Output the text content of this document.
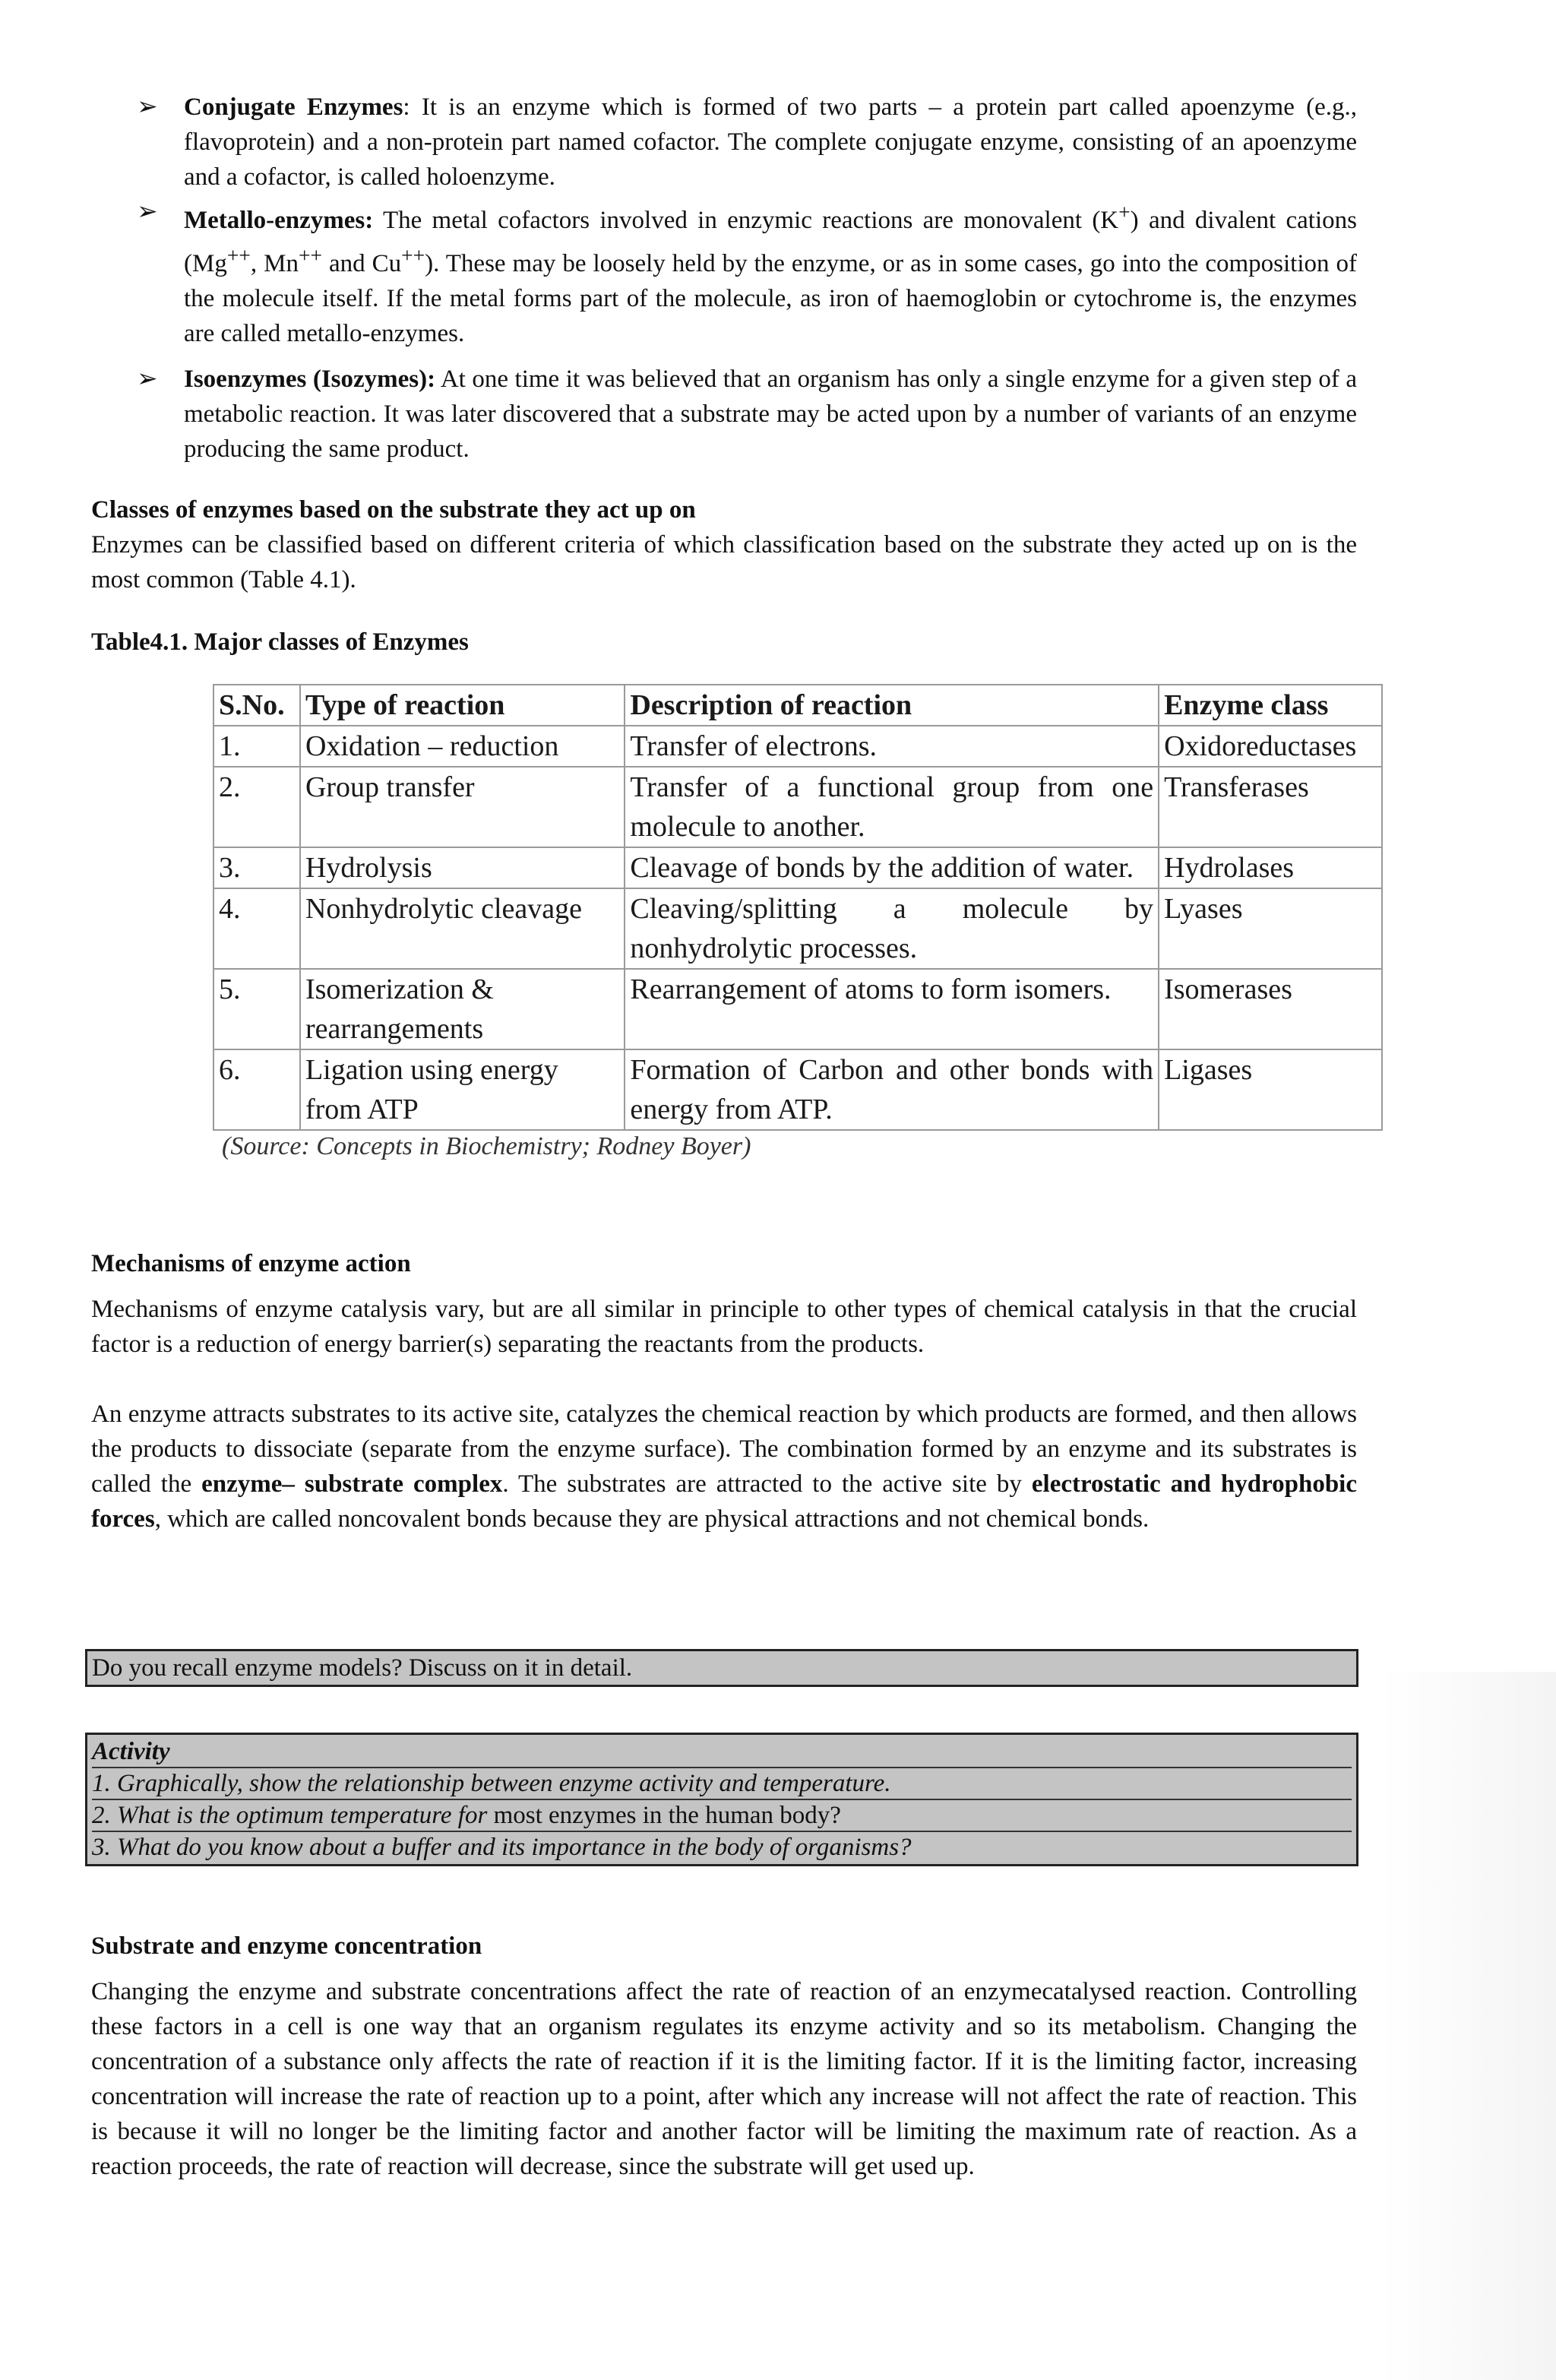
➢	Conjugate Enzymes: It is an enzyme which is formed of two parts – a protein part called apoenzyme (e.g., flavoprotein) and a non-protein part named cofactor. The complete conjugate enzyme, consisting of an apoenzyme and a cofactor, is called holoenzyme.
➢	Metallo-enzymes: The metal cofactors involved in enzymic reactions are monovalent (K+) and divalent cations (Mg++, Mn++ and Cu++). These may be loosely held by the enzyme, or as in some cases, go into the composition of the molecule itself. If the metal forms part of the molecule, as iron of haemoglobin or cytochrome is, the enzymes are called metallo-enzymes.
➢	Isoenzymes (Isozymes): At one time it was believed that an organism has only a single enzyme for a given step of a metabolic reaction. It was later discovered that a substrate may be acted upon by a number of variants of an enzyme producing the same product.
Classes of enzymes based on the substrate they act up on
Enzymes can be classified based on different criteria of which classification based on the substrate they acted up on is the most common (Table 4.1).
Table4.1. Major classes of Enzymes
S.No.	Type of reaction	Description of reaction	Enzyme class
1.	Oxidation – reduction	Transfer of electrons.	Oxidoreductases
2.	Group transfer	Transfer of a functional group from one molecule to another.	Transferases
3.	Hydrolysis	Cleavage of bonds by the addition of water.	Hydrolases
4.	Nonhydrolytic cleavage	Cleaving/splitting a molecule by nonhydrolytic processes.	Lyases
5.	Isomerization & rearrangements	Rearrangement of atoms to form isomers.	Isomerases
6.	Ligation using energy from ATP	Formation of Carbon and other bonds with energy from ATP.	Ligases
(Source: Concepts in Biochemistry; Rodney Boyer)
Mechanisms of enzyme action
Mechanisms of enzyme catalysis vary, but are all similar in principle to other types of chemical catalysis in that the crucial factor is a reduction of energy barrier(s) separating the reactants from the products.
An enzyme attracts substrates to its active site, catalyzes the chemical reaction by which products are formed, and then allows the products to dissociate (separate from the enzyme surface). The combination formed by an enzyme and its substrates is called the enzyme– substrate complex. The substrates are attracted to the active site by electrostatic and hydrophobic forces, which are called noncovalent bonds because they are physical attractions and not chemical bonds.
Do you recall enzyme models? Discuss on it in detail.
Activity
1. Graphically, show the relationship between enzyme activity and temperature.
2. What is the optimum temperature for most enzymes in the human body?
3. What do you know about a buffer and its importance in the body of organisms?
Substrate and enzyme concentration
Changing the enzyme and substrate concentrations affect the rate of reaction of an enzymecatalysed reaction. Controlling these factors in a cell is one way that an organism regulates its enzyme activity and so its metabolism. Changing the concentration of a substance only affects the rate of reaction if it is the limiting factor. If it is the limiting factor, increasing concentration will increase the rate of reaction up to a point, after which any increase will not affect the rate of reaction. This is because it will no longer be the limiting factor and another factor will be limiting the maximum rate of reaction. As a reaction proceeds, the rate of reaction will decrease, since the substrate will get used up.
